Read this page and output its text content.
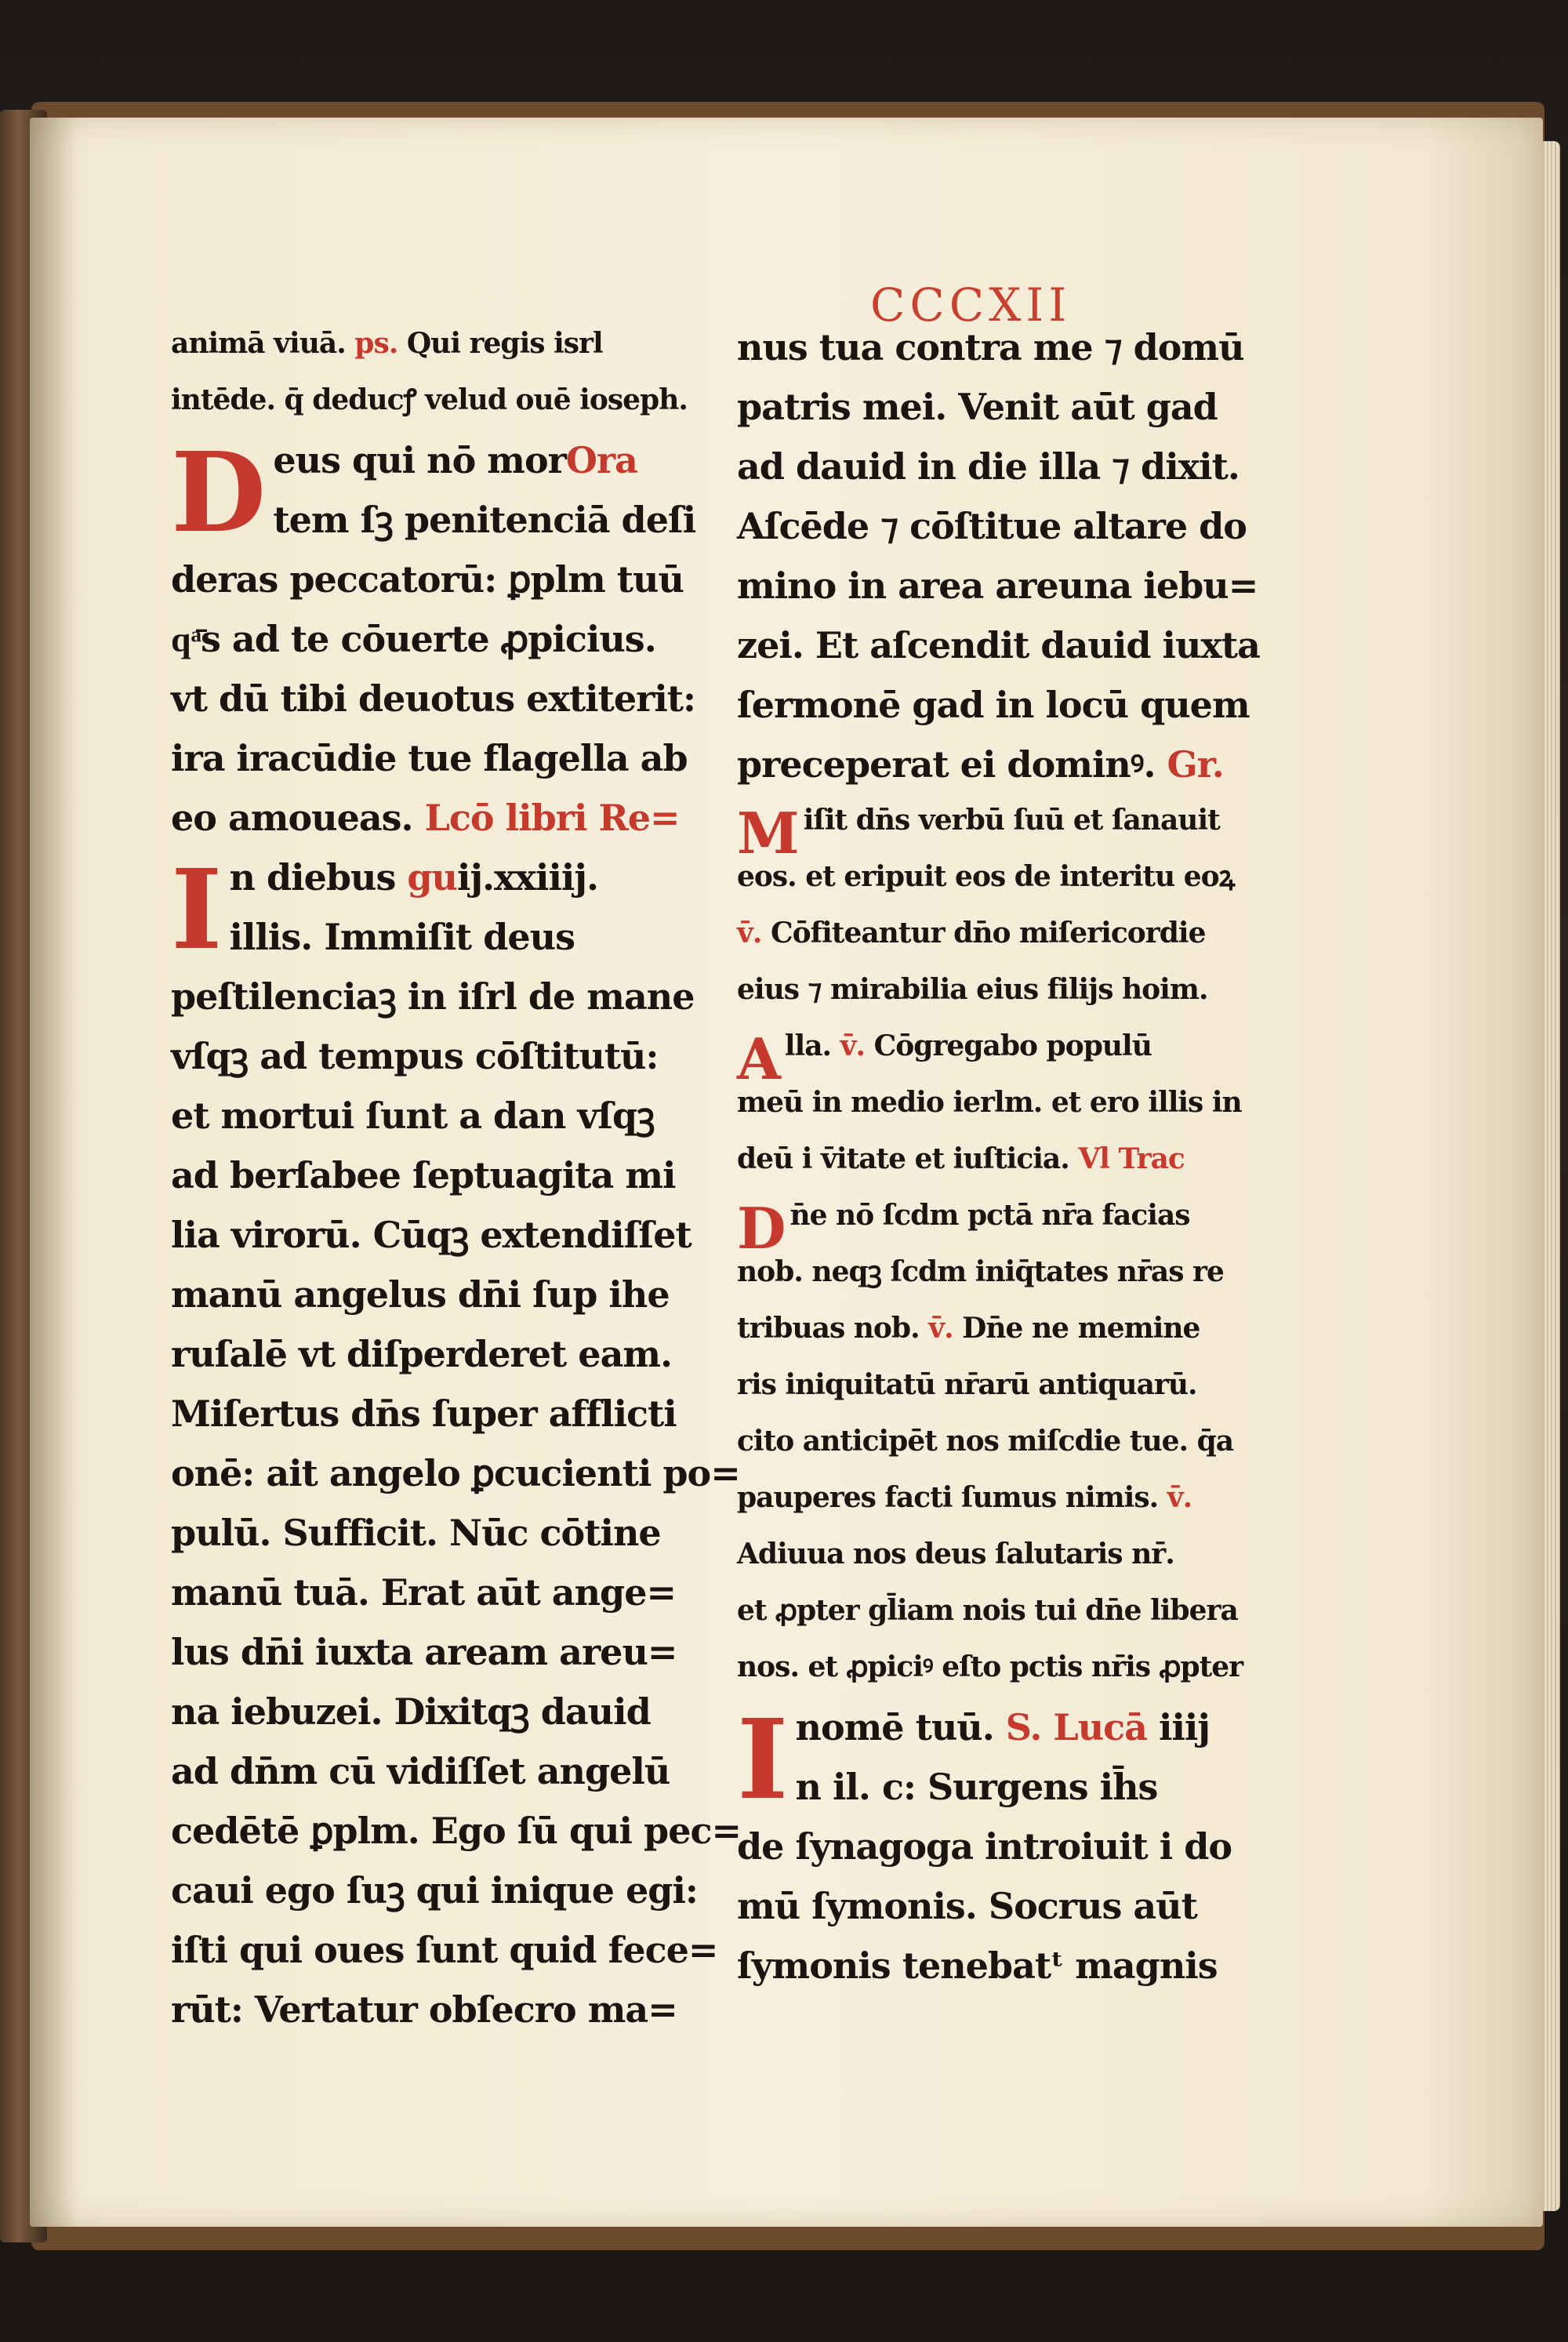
CCCXII
animā viuā. ps. Qui regis isrl
intēde. q̄ deducꝭ velud ouē ioseph.
Deus qui nō morOra
tem ſꝫ penitenciā deſi
deras peccatorū: ꝑplm tuū
qͣ̄s ad te cōuerte ꝓpicius.
vt dū tibi deuotus extiterit:
ira iracūdie tue flagella ab
eo amoueas. Lcō libri Re=
In diebus guij.xxiiij.
illis. Immiſit deus
peſtilenciaꝫ in iſrl de mane
vſqꝫ ad tempus cōſtitutū:
et mortui ſunt a dan vſqꝫ
ad berſabee ſeptuagita mi
lia virorū. Cūqꝫ extendiſſet
manū angelus dn̄i ſup ihe
ruſalē vt diſperderet eam.
Miſertus dn̄s ſuper afflicti
onē: ait angelo ꝑcucienti po=
pulū. Sufficit. Nūc cōtine
manū tuā. Erat aūt ange=
lus dn̄i iuxta aream areu=
na iebuzei. Dixitqꝫ dauid
ad dn̄m cū vidiſſet angelū
cedētē ꝑplm. Ego ſū qui pec=
caui ego ſuꝫ qui inique egi:
iſti qui oues ſunt quid fece=
rūt: Vertatur obſecro ma=
nus tua contra me ⁊ domū
patris mei. Venit aūt gad
ad dauid in die illa ⁊ dixit.
Aſcēde ⁊ cōſtitue altare do
mino in area areuna iebu=
zei. Et aſcendit dauid iuxta
ſermonē gad in locū quem
preceperat ei dominꝰ. Gr.
Miſit dn̄s verbū ſuū et ſanauit
eos. et eripuit eos de interitu eoꝝ
v̄. Cōfiteantur dn̄o miſericordie
eius ⁊ mirabilia eius filijs hoim.
Alla. v̄. Cōgregabo populū
meū in medio ierlm. et ero illis in
deū i v̄itate et iuſticia. Vl Trac
Dn̄e nō ſcdm pctā nr̄a facias
nob. neqꝫ ſcdm iniq̄tates nr̄as re
tribuas nob. v̄. Dn̄e ne memine
ris iniquitatū nr̄arū antiquarū.
cito anticipēt nos miſcdie tue. q̄a
pauperes facti ſumus nimis. v̄.
Adiuua nos deus ſalutaris nr̄.
et ꝓpter gl̄iam nois tui dn̄e libera
nos. et ꝓpiciꝰ eſto pctis nr̄is ꝓpter
Inomē tuū. S. Lucā iiij
n il. c: Surgens ih̄s
de ſynagoga introiuit i do
mū ſymonis. Socrus aūt
ſymonis tenebatᵗ magnis
